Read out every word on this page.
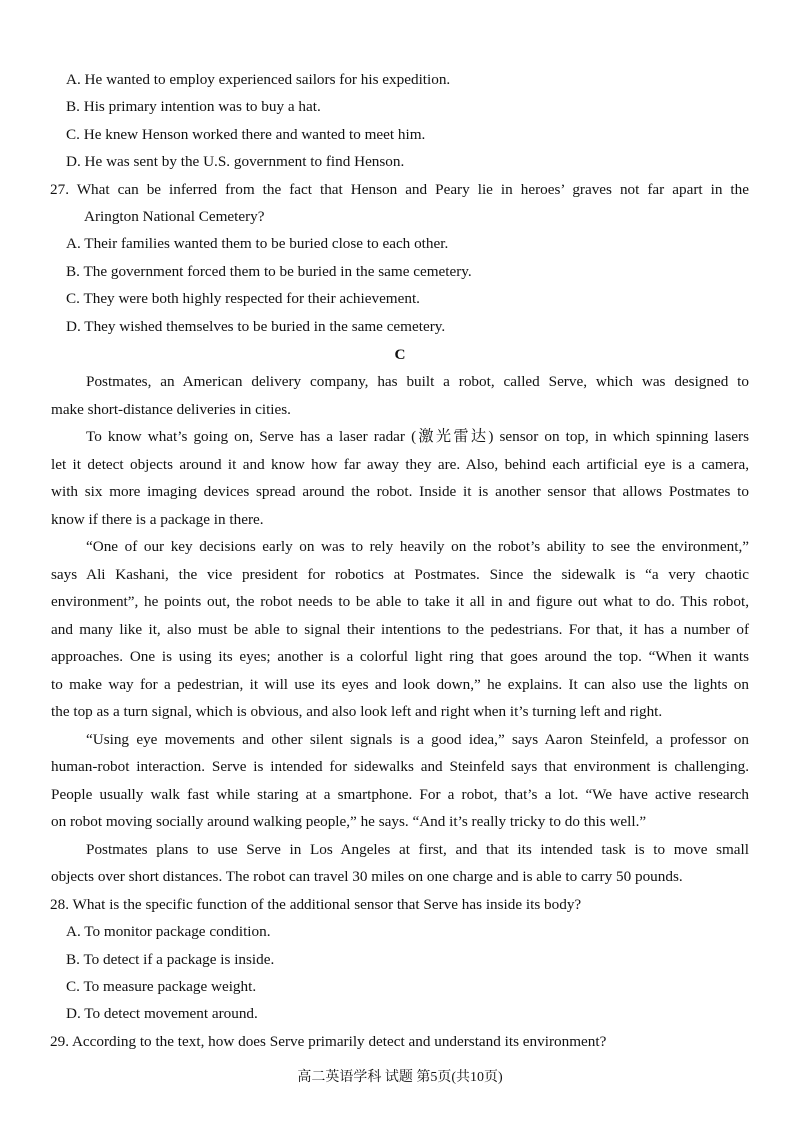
A. He wanted to employ experienced sailors for his expedition.
B. His primary intention was to buy a hat.
C. He knew Henson worked there and wanted to meet him.
D. He was sent by the U.S. government to find Henson.
27. What can be inferred from the fact that Henson and Peary lie in heroes’ graves not far apart in the
Arington National Cemetery?
A. Their families wanted them to be buried close to each other.
B. The government forced them to be buried in the same cemetery.
C. They were both highly respected for their achievement.
D. They wished themselves to be buried in the same cemetery.
C
Postmates, an American delivery company, has built a robot, called Serve, which was designed to
make short-distance deliveries in cities.
To know what’s going on, Serve has a laser radar (激光雷达) sensor on top, in which spinning lasers
let it detect objects around it and know how far away they are. Also, behind each artificial eye is a camera,
with six more imaging devices spread around the robot. Inside it is another sensor that allows Postmates to
know if there is a package in there.
“One of our key decisions early on was to rely heavily on the robot’s ability to see the environment,”
says Ali Kashani, the vice president for robotics at Postmates. Since the sidewalk is “a very chaotic
environment”, he points out, the robot needs to be able to take it all in and figure out what to do. This robot,
and many like it, also must be able to signal their intentions to the pedestrians. For that, it has a number of
approaches. One is using its eyes; another is a colorful light ring that goes around the top. “When it wants
to make way for a pedestrian, it will use its eyes and look down,” he explains. It can also use the lights on
the top as a turn signal, which is obvious, and also look left and right when it’s turning left and right.
“Using eye movements and other silent signals is a good idea,” says Aaron Steinfeld, a professor on
human-robot interaction. Serve is intended for sidewalks and Steinfeld says that environment is challenging.
People usually walk fast while staring at a smartphone. For a robot, that’s a lot. “We have active research
on robot moving socially around walking people,” he says. “And it’s really tricky to do this well.”
Postmates plans to use Serve in Los Angeles at first, and that its intended task is to move small
objects over short distances. The robot can travel 30 miles on one charge and is able to carry 50 pounds.
28. What is the specific function of the additional sensor that Serve has inside its body?
A. To monitor package condition.
B. To detect if a package is inside.
C. To measure package weight.
D. To detect movement around.
29. According to the text, how does Serve primarily detect and understand its environment?
高二英语学科 试题 第5页(共10页)
